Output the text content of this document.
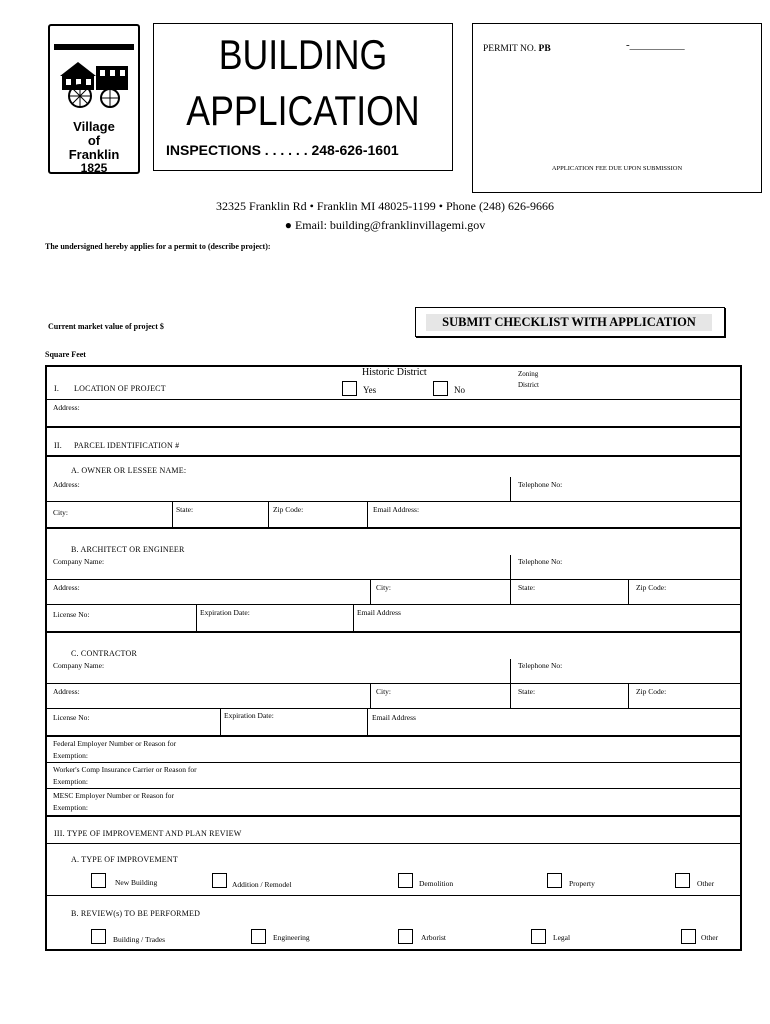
Village
of
Franklin
1825
BUILDING
APPLICATION
INSPECTIONS . . . . . . 248-626-1601
PERMIT NO. PB	-__________
APPLICATION FEE DUE UPON SUBMISSION
32325 Franklin Rd • Franklin MI 48025-1199 • Phone (248) 626-9666
● Email: building@franklinvillagemi.gov
The undersigned hereby applies for a permit to (describe project):
Current market value of project $	SUBMIT CHECKLIST WITH APPLICATION
Square Feet
Historic District	Zoning
District
I. LOCATION OF PROJECT	Yes	No
Address:
II. PARCEL IDENTIFICATION #
A. OWNER OR LESSEE NAME:
Address:	Telephone No:
City:	State:	Zip Code:	Email Address:
B. ARCHITECT OR ENGINEER
Company Name:	Telephone No:
Address:	City:	State:	Zip Code:
License No:	Expiration Date:	Email Address
C. CONTRACTOR
Company Name:	Telephone No:
Address:	City:	State:	Zip Code:
License No:	Expiration Date:	Email Address
Federal Employer Number or Reason for
Exemption:
Worker's Comp Insurance Carrier or Reason for
Exemption:
MESC Employer Number or Reason for
Exemption:
III. TYPE OF IMPROVEMENT AND PLAN REVIEW
A. TYPE OF IMPROVEMENT
New Building	Addition / Remodel	Demolition	Property	Other
B. REVIEW(s) TO BE PERFORMED
Building / Trades	Engineering	Arborist	Legal	Other
